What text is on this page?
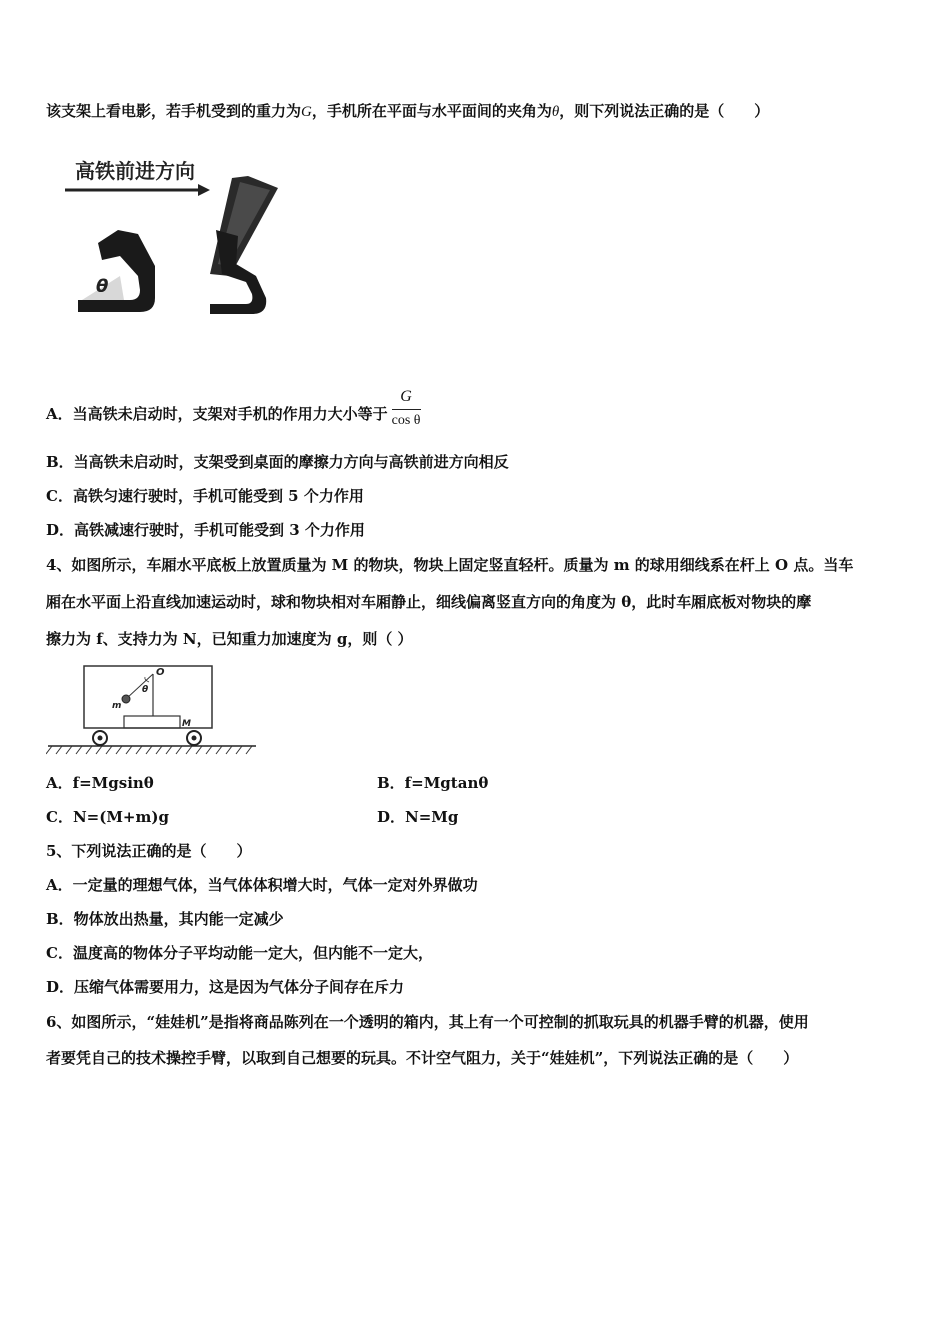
该支架上看电影，若手机受到的重力为G，手机所在平面与水平面间的夹角为θ，则下列说法正确的是（　　）
高铁前进方向
θ
A．当高铁未启动时，支架对手机的作用力大小等于 $\frac{G}{\text{cos θ}}$
B．当高铁未启动时，支架受到桌面的摩擦力方向与高铁前进方向相反
C．高铁匀速行驶时，手机可能受到 5 个力作用
D．高铁减速行驶时，手机可能受到 3 个力作用
4、如图所示，车厢水平底板上放置质量为 M 的物块，物块上固定竖直轻杆。质量为 m 的球用细线系在杆上 O 点。当车
厢在水平面上沿直线加速运动时，球和物块相对车厢静止，细线偏离竖直方向的角度为 θ，此时车厢底板对物块的摩
擦力为 f、支持力为 N，已知重力加速度为 g，则（ ）
O
θ
m
M
A．f=Mgsinθ	B．f=Mgtanθ
C．N=(M+m)g	D．N=Mg
5、下列说法正确的是（　　）
A．一定量的理想气体，当气体体积增大时，气体一定对外界做功
B．物体放出热量，其内能一定减少
C．温度高的物体分子平均动能一定大，但内能不一定大，
D．压缩气体需要用力，这是因为气体分子间存在斥力
6、如图所示，“娃娃机”是指将商品陈列在一个透明的箱内，其上有一个可控制的抓取玩具的机器手臂的机器，使用
者要凭自己的技术操控手臂，以取到自己想要的玩具。不计空气阻力，关于“娃娃机”，下列说法正确的是（　　）
